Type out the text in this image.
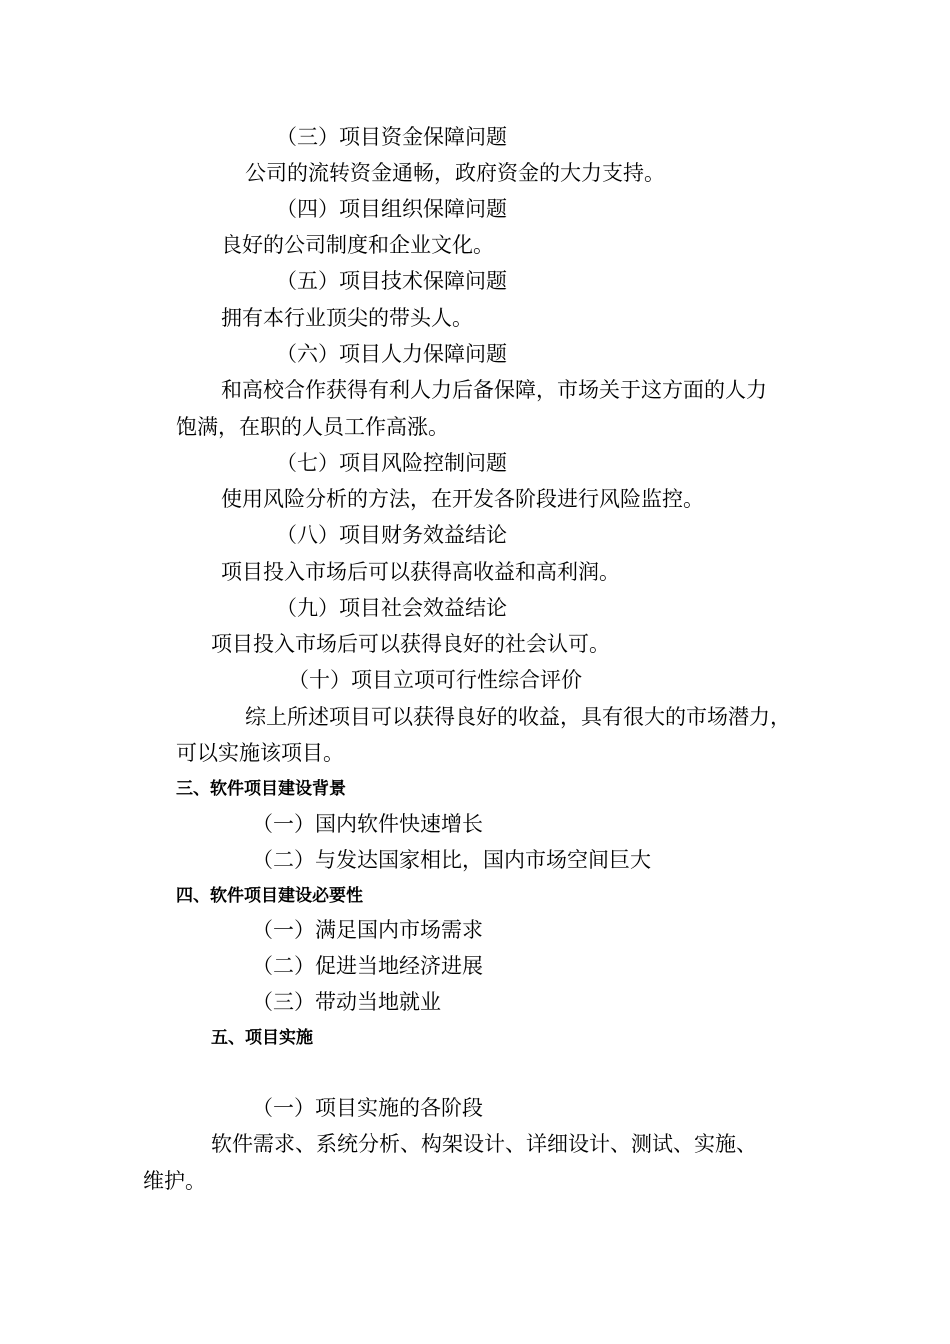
（三）项目资金保障问题
公司的流转资金通畅，政府资金的大力支持。
（四）项目组织保障问题
良好的公司制度和企业文化。
（五）项目技术保障问题
拥有本行业顶尖的带头人。
（六）项目人力保障问题
和高校合作获得有利人力后备保障，市场关于这方面的人力
饱满，在职的人员工作高涨。
（七）项目风险控制问题
使用风险分析的方法，在开发各阶段进行风险监控。
（八）项目财务效益结论
项目投入市场后可以获得高收益和高利润。
（九）项目社会效益结论
项目投入市场后可以获得良好的社会认可。
（十）项目立项可行性综合评价
综上所述项目可以获得良好的收益，具有很大的市场潜力，
可以实施该项目。
三、软件项目建设背景
（一）国内软件快速增长
（二）与发达国家相比，国内市场空间巨大
四、软件项目建设必要性
（一）满足国内市场需求
（二）促进当地经济进展
（三）带动当地就业
五、项目实施
（一）项目实施的各阶段
软件需求、系统分析、构架设计、详细设计、测试、实施、
维护。
